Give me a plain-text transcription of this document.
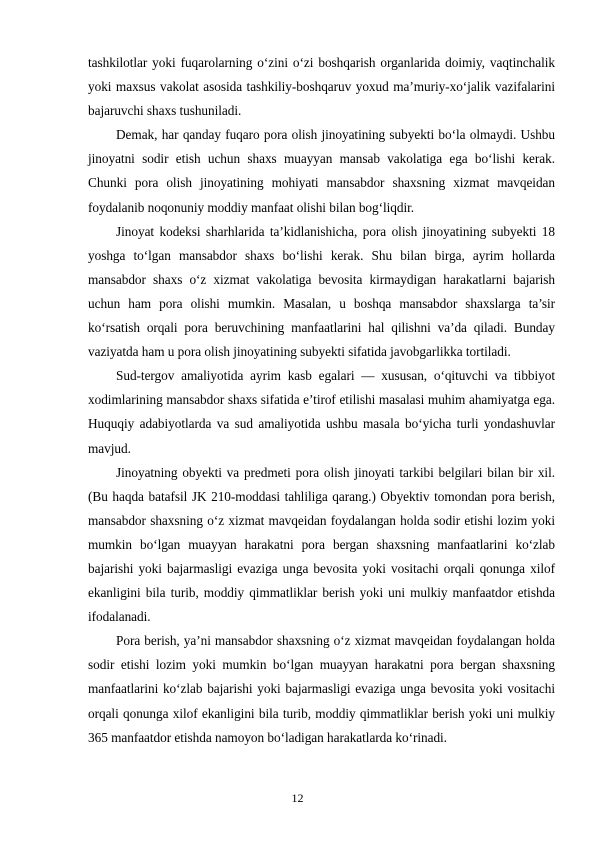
tashkilotlar yoki fuqarolarning o‘zini o‘zi boshqarish organlarida doimiy, vaqtinchalik yoki maxsus vakolat asosida tashkiliy-boshqaruv yoxud ma’muriy-xo‘jalik vazifalarini bajaruvchi shaxs tushuniladi.

Demak, har qanday fuqaro pora olish jinoyatining subyekti bo‘la olmaydi. Ushbu jinoyatni sodir etish uchun shaxs muayyan mansab vakolatiga ega bo‘lishi kerak. Chunki pora olish jinoyatining mohiyati mansabdor shaxsning xizmat mavqeidan foydalanib noqonuniy moddiy manfaat olishi bilan bog‘liqdir.

Jinoyat kodeksi sharhlarida ta’kidlanishicha, pora olish jinoyatining subyekti 18 yoshga to‘lgan mansabdor shaxs bo‘lishi kerak. Shu bilan birga, ayrim hollarda mansabdor shaxs o‘z xizmat vakolatiga bevosita kirmaydigan harakatlarni bajarish uchun ham pora olishi mumkin. Masalan, u boshqa mansabdor shaxslarga ta’sir ko‘rsatish orqali pora beruvchining manfaatlarini hal qilishni va’da qiladi. Bunday vaziyatda ham u pora olish jinoyatining subyekti sifatida javobgarlikka tortiladi.

Sud-tergov amaliyotida ayrim kasb egalari — xususan, o‘qituvchi va tibbiyot xodimlarining mansabdor shaxs sifatida e’tirof etilishi masalasi muhim ahamiyatga ega. Huquqiy adabiyotlarda va sud amaliyotida ushbu masala bo‘yicha turli yondashuvlar mavjud.

Jinoyatning obyekti va predmeti pora olish jinoyati tarkibi belgilari bilan bir xil. (Bu haqda batafsil JK 210-moddasi tahliliga qarang.) Obyektiv tomondan pora berish, mansabdor shaxsning o‘z xizmat mavqeidan foydalangan holda sodir etishi lozim yoki mumkin bo‘lgan muayyan harakatni pora bergan shaxsning manfaatlarini ko‘zlab bajarishi yoki bajarmasligi evaziga unga bevosita yoki vositachi orqali qonunga xilof ekanligini bila turib, moddiy qimmatliklar berish yoki uni mulkiy manfaatdor etishda ifodalanadi.

Pora berish, ya’ni mansabdor shaxsning o‘z xizmat mavqeidan foydalangan holda sodir etishi lozim yoki mumkin bo‘lgan muayyan harakatni pora bergan shaxsning manfaatlarini ko‘zlab bajarishi yoki bajarmasligi evaziga unga bevosita yoki vositachi orqali qonunga xilof ekanligini bila turib, moddiy qimmatliklar berish yoki uni mulkiy 365 manfaatdor etishda namoyon bo‘ladigan harakatlarda ko‘rinadi.

12
